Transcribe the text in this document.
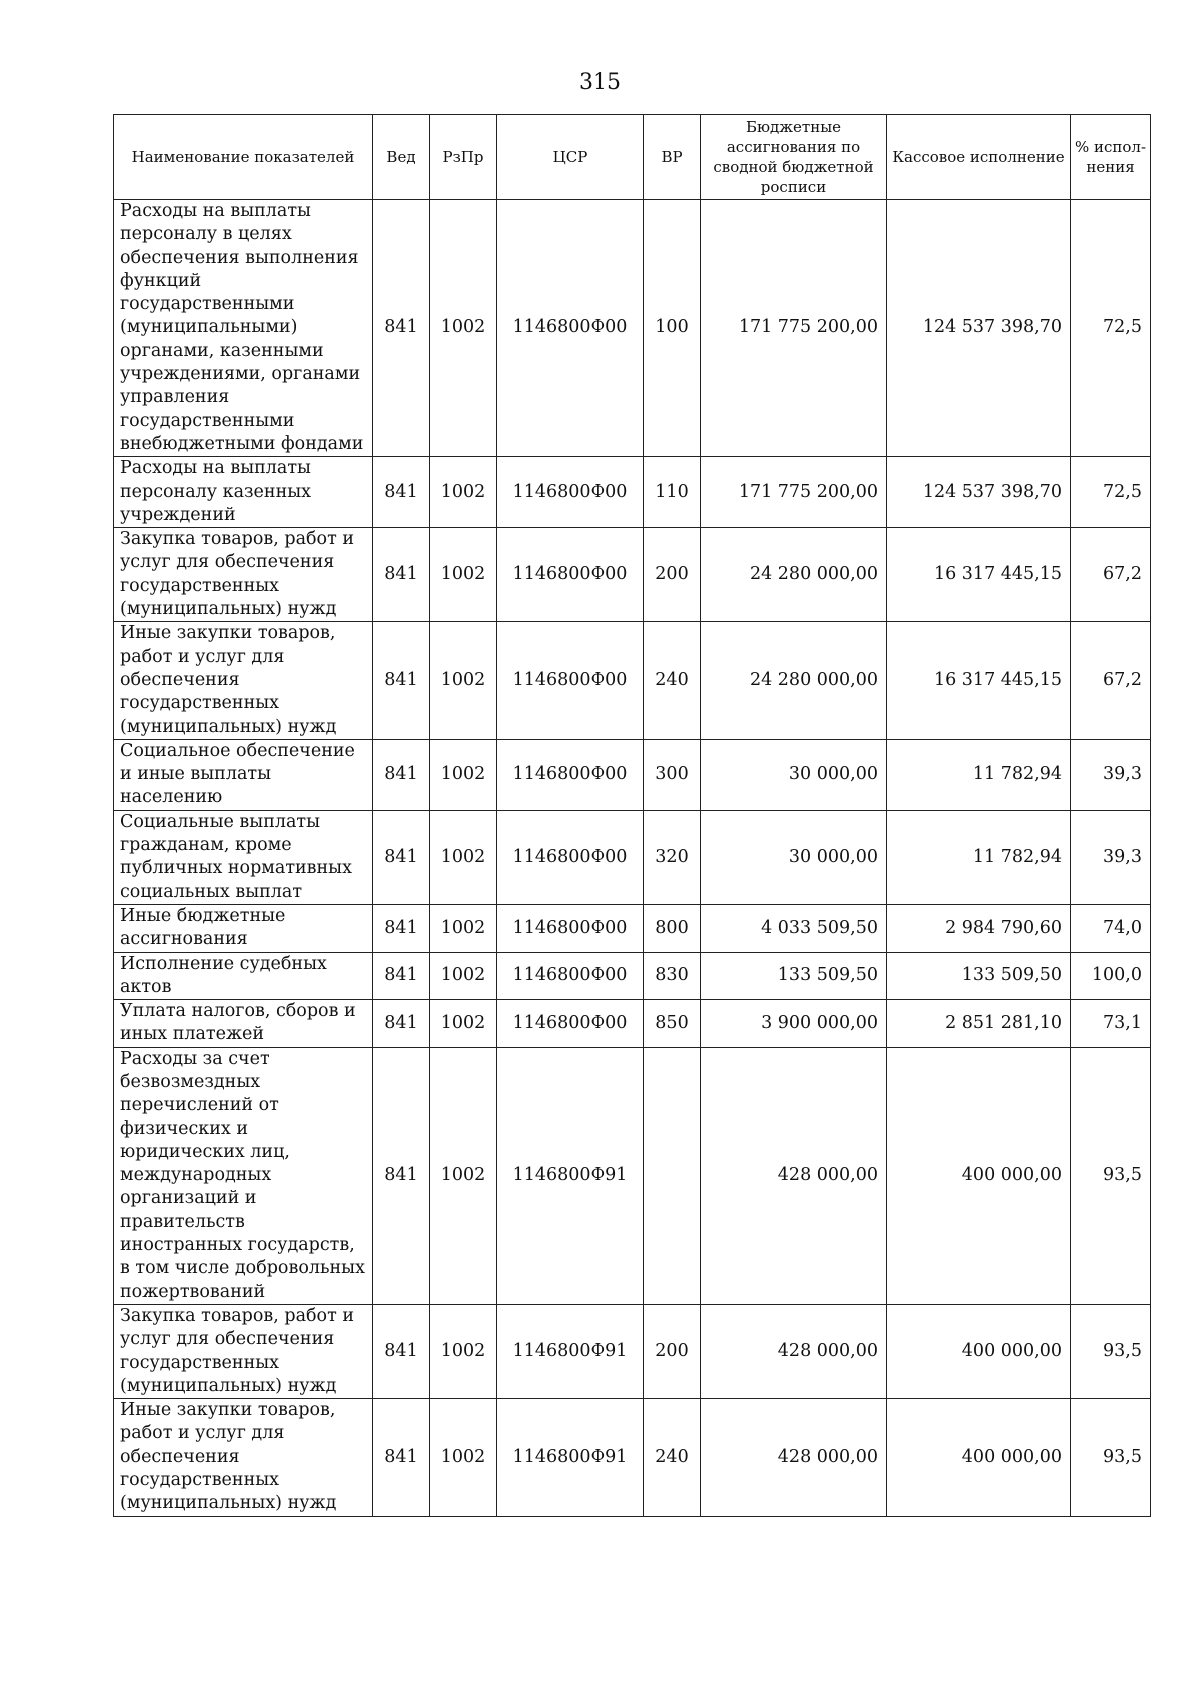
315
Наименование показателей	Вед	РзПр	ЦСР	ВР	Бюджетные ассигнования по сводной бюджетной росписи	Кассовое исполнение	% испол-нения
Расходы на выплаты персоналу в целях обеспечения выполнения функций государственными (муниципальными) органами, казенными учреждениями, органами управления государственными внебюджетными фондами	841	1002	1146800Ф00	100	171 775 200,00	124 537 398,70	72,5
Расходы на выплаты персоналу казенных учреждений	841	1002	1146800Ф00	110	171 775 200,00	124 537 398,70	72,5
Закупка товаров, работ и услуг для обеспечения государственных (муниципальных) нужд	841	1002	1146800Ф00	200	24 280 000,00	16 317 445,15	67,2
Иные закупки товаров, работ и услуг для обеспечения государственных (муниципальных) нужд	841	1002	1146800Ф00	240	24 280 000,00	16 317 445,15	67,2
Социальное обеспечение и иные выплаты населению	841	1002	1146800Ф00	300	30 000,00	11 782,94	39,3
Социальные выплаты гражданам, кроме публичных нормативных социальных выплат	841	1002	1146800Ф00	320	30 000,00	11 782,94	39,3
Иные бюджетные ассигнования	841	1002	1146800Ф00	800	4 033 509,50	2 984 790,60	74,0
Исполнение судебных актов	841	1002	1146800Ф00	830	133 509,50	133 509,50	100,0
Уплата налогов, сборов и иных платежей	841	1002	1146800Ф00	850	3 900 000,00	2 851 281,10	73,1
Расходы за счет безвозмездных перечислений от физических и юридических лиц, международных организаций и правительств иностранных государств, в том числе добровольных пожертвований	841	1002	1146800Ф91		428 000,00	400 000,00	93,5
Закупка товаров, работ и услуг для обеспечения государственных (муниципальных) нужд	841	1002	1146800Ф91	200	428 000,00	400 000,00	93,5
Иные закупки товаров, работ и услуг для обеспечения государственных (муниципальных) нужд	841	1002	1146800Ф91	240	428 000,00	400 000,00	93,5
